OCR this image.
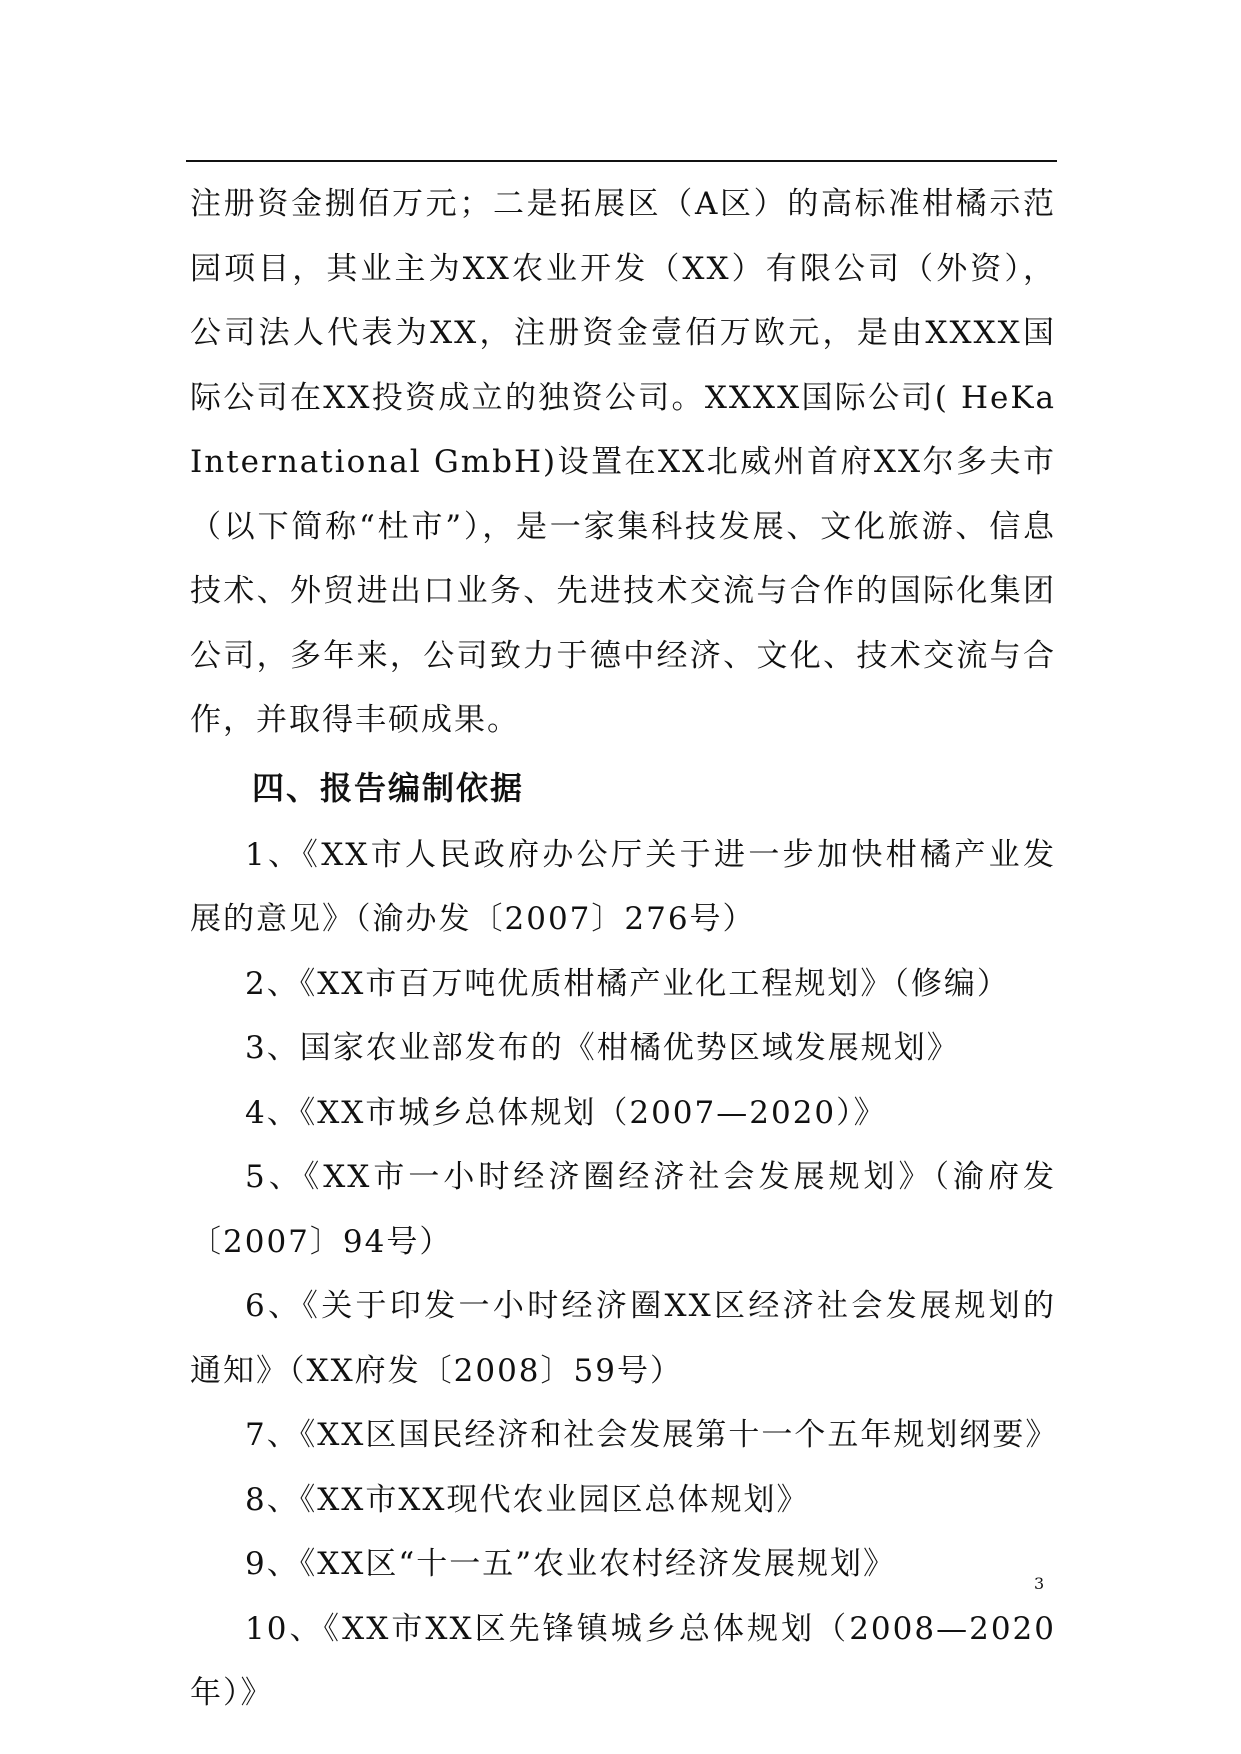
注册资金捌佰万元；二是拓展区（A区）的高标准柑橘示范园项目，其业主为XX农业开发（XX）有限公司（外资），公司法人代表为XX，注册资金壹佰万欧元，是由XXXX国际公司在XX投资成立的独资公司。XXXX国际公司( HeKa International GmbH)设置在XX北威州首府XX尔多夫市（以下简称“杜市”），是一家集科技发展、文化旅游、信息技术、外贸进出口业务、先进技术交流与合作的国际化集团公司，多年来，公司致力于德中经济、文化、技术交流与合作，并取得丰硕成果。

四、报告编制依据

1、《XX市人民政府办公厅关于进一步加快柑橘产业发展的意见》（渝办发〔2007〕276号）

2、《XX市百万吨优质柑橘产业化工程规划》（修编）

3、国家农业部发布的《柑橘优势区域发展规划》

4、《XX市城乡总体规划（2007—2020）》

5、《XX市一小时经济圈经济社会发展规划》（渝府发〔2007〕94号）

6、《关于印发一小时经济圈XX区经济社会发展规划的通知》（XX府发〔2008〕59号）

7、《XX区国民经济和社会发展第十一个五年规划纲要》

8、《XX市XX现代农业园区总体规划》

9、《XX区“十一五”农业农村经济发展规划》

10、《XX市XX区先锋镇城乡总体规划（2008—2020年）》

3
